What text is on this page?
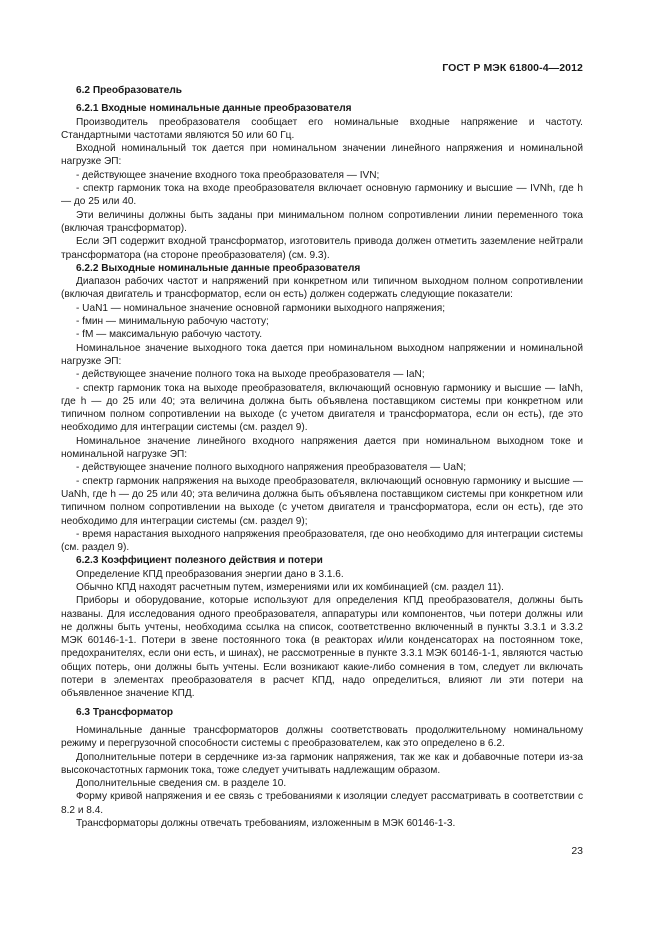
ГОСТ Р МЭК 61800-4—2012
6.2 Преобразователь
6.2.1 Входные номинальные данные преобразователя

Производитель преобразователя сообщает его номинальные входные напряжение и частоту. Стандартными частотами являются 50 или 60 Гц.

Входной номинальный ток дается при номинальном значении линейного напряжения и номинальной нагрузке ЭП:

- действующее значение входного тока преобразователя — IVN;

- спектр гармоник тока на входе преобразователя включает основную гармонику и высшие — IVNh, где h — до 25 или 40.

Эти величины должны быть заданы при минимальном полном сопротивлении линии переменного тока (включая трансформатор).

Если ЭП содержит входной трансформатор, изготовитель привода должен отметить заземление нейтрали трансформатора (на стороне преобразователя) (см. 9.3).

6.2.2 Выходные номинальные данные преобразователя

Диапазон рабочих частот и напряжений при конкретном или типичном выходном полном сопротивлении (включая двигатель и трансформатор, если он есть) должен содержать следующие показатели:

- UaN1 — номинальное значение основной гармоники выходного напряжения;

- fмин — минимальную рабочую частоту;

- fM — максимальную рабочую частоту.

Номинальное значение выходного тока дается при номинальном выходном напряжении и номинальной нагрузке ЭП:

- действующее значение полного тока на выходе преобразователя — IaN;

- спектр гармоник тока на выходе преобразователя, включающий основную гармонику и высшие — IaNh, где h — до 25 или 40; эта величина должна быть объявлена поставщиком системы при конкретном или типичном полном сопротивлении на выходе (с учетом двигателя и трансформатора, если он есть), где это необходимо для интеграции системы (см. раздел 9).

Номинальное значение линейного входного напряжения дается при номинальном выходном токе и номинальной нагрузке ЭП:

- действующее значение полного выходного напряжения преобразователя — UaN;

- спектр гармоник напряжения на выходе преобразователя, включающий основную гармонику и высшие — UaNh, где h — до 25 или 40; эта величина должна быть объявлена поставщиком системы при конкретном или типичном полном сопротивлении на выходе (с учетом двигателя и трансформатора, если он есть), где это необходимо для интеграции системы (см. раздел 9);

- время нарастания выходного напряжения преобразователя, где оно необходимо для интеграции системы (см. раздел 9).

6.2.3 Коэффициент полезного действия и потери

Определение КПД преобразования энергии дано в 3.1.6.

Обычно КПД находят расчетным путем, измерениями или их комбинацией (см. раздел 11).

Приборы и оборудование, которые используют для определения КПД преобразователя, должны быть названы. Для исследования одного преобразователя, аппаратуры или компонентов, чьи потери должны или не должны быть учтены, необходима ссылка на список, соответственно включенный в пункты 3.3.1 и 3.3.2 МЭК 60146-1-1. Потери в звене постоянного тока (в реакторах и/или конденсаторах на постоянном токе, предохранителях, если они есть, и шинах), не рассмотренные в пункте 3.3.1 МЭК 60146-1-1, являются частью общих потерь, они должны быть учтены. Если возникают какие-либо сомнения в том, следует ли включать потери в элементах преобразователя в расчет КПД, надо определиться, влияют ли эти потери на объявленное значение КПД.

6.3 Трансформатор

Номинальные данные трансформаторов должны соответствовать продолжительному номинальному режиму и перегрузочной способности системы с преобразователем, как это определено в 6.2.

Дополнительные потери в сердечнике из-за гармоник напряжения, так же как и добавочные потери из-за высокочастотных гармоник тока, тоже следует учитывать надлежащим образом.

Дополнительные сведения см. в разделе 10.

Форму кривой напряжения и ее связь с требованиями к изоляции следует рассматривать в соответствии с 8.2 и 8.4.

Трансформаторы должны отвечать требованиям, изложенным в МЭК 60146-1-3.

23
